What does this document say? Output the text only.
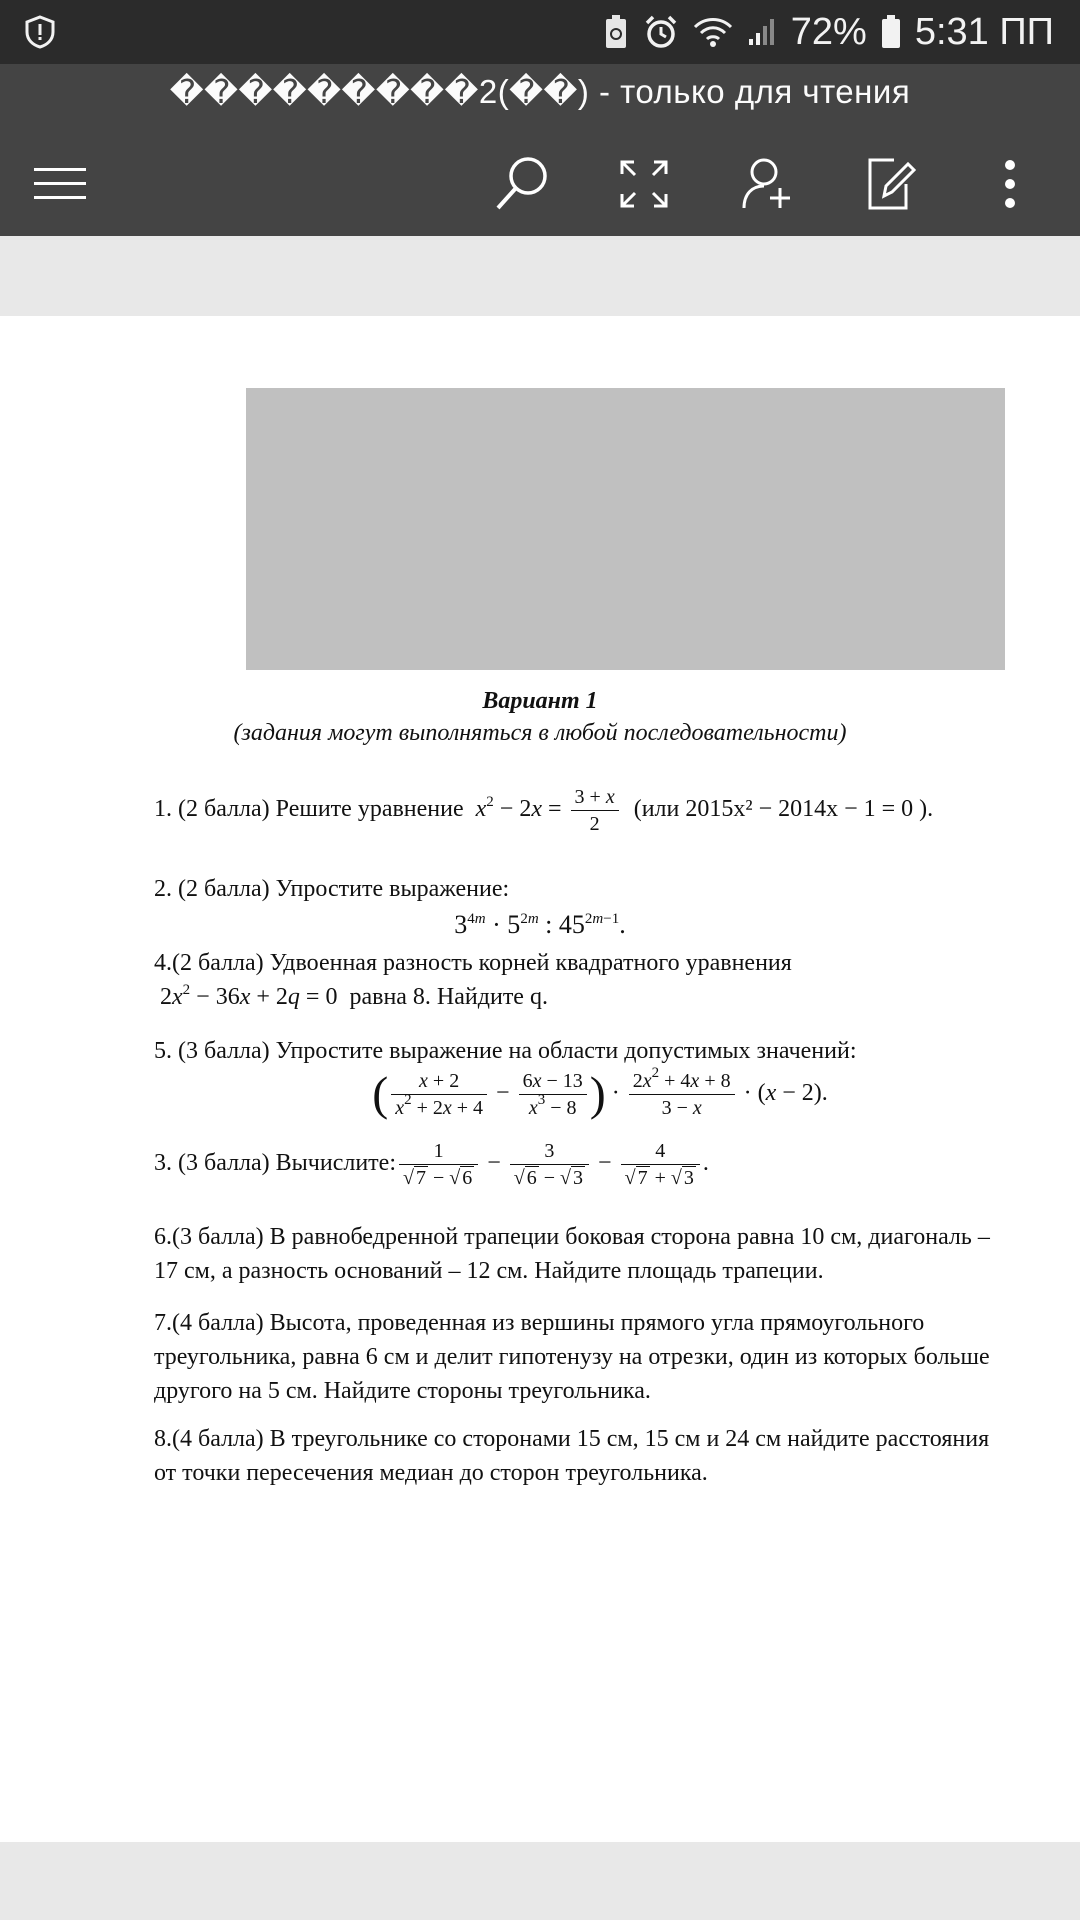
72% 5:31 ПП
���������2(��) - только для чтения
Вариант 1
(задания могут выполняться в любой последовательности)
1. (2 балла) Решите уравнение $x^2 - 2x = \frac{3 + x}{2} (или$ 2015x² − 2014x − 1 = 0 ).
2. (2 балла) Упростите выражение:
$3^{4m} \cdot 5^{2m}$ : $45^{2m-1}$.
4.(2 балла) Удвоенная разность корней квадратного уравнения
$2x^2 - 36x + 2q = 0$ равна 8. Найдите q.
5. (3 балла) Упростите выражение на области допустимых значений:
( $\frac{x + 2}{x^2 + 2x + 4} - \frac{6x - 13}{x^3 - 8}$ ) · $\frac{2x^2 + 4x + 8}{3 - x} \cdot (x - 2)$.
3. (3 балла) Вычислите: $\frac{1}{√ 7 - √ 6} - \frac{3}{√ 6 - √ 3} - \frac{4}{√ 7 + √ 3}$ .
6.(3 балла) В равнобедренной трапеции боковая сторона равна 10 см, диагональ – 17 см, а разность оснований – 12 см. Найдите площадь трапеции.
7.(4 балла) Высота, проведенная из вершины прямого угла прямоугольного треугольника, равна 6 см и делит гипотенузу на отрезки, один из которых больше другого на 5 см. Найдите стороны треугольника.
8.(4 балла) В треугольнике со сторонами 15 см, 15 см и 24 см найдите расстояния от точки пересечения медиан до сторон треугольника.
